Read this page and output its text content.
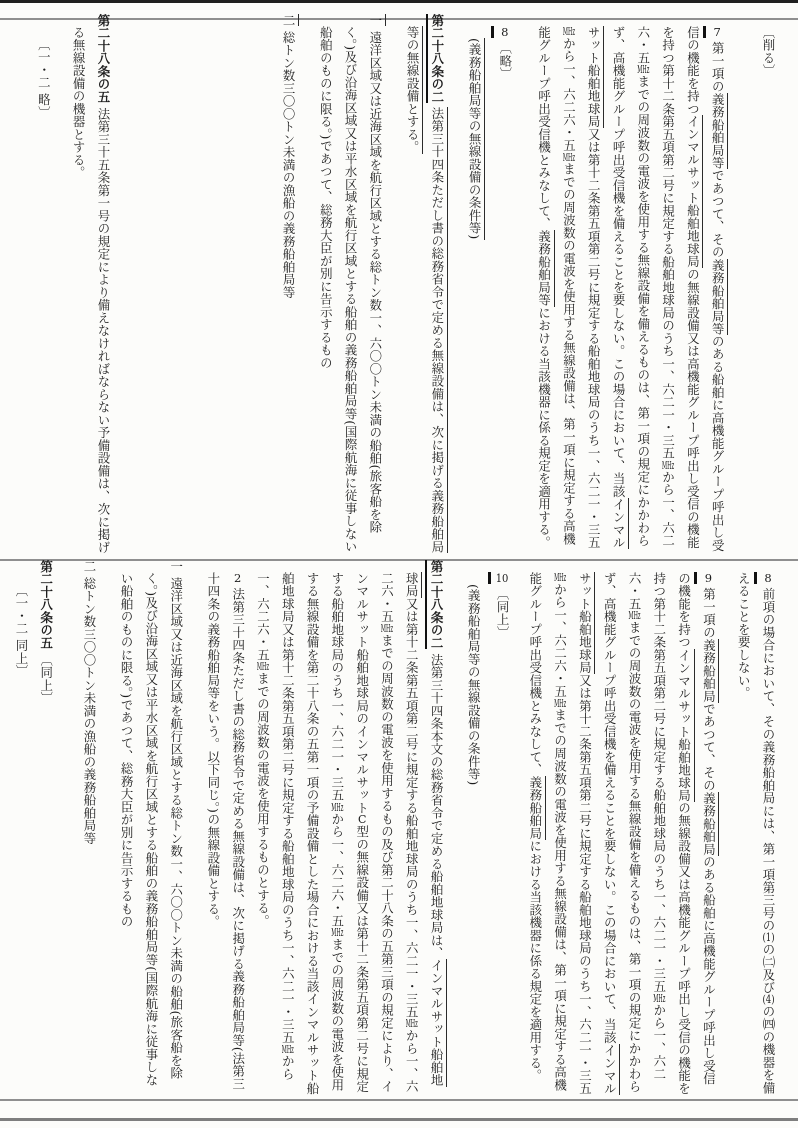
〔削る〕
7 第一項の義務船舶局等であつて、その義務船舶局等のある船舶に高機能グループ呼出し受信の機能を持つインマルサット船舶地球局の無線設備又は高機能グループ呼出し受信の機能を持つ第十二条第五項第二号に規定する船舶地球局のうち一、六二一・三五MHzから一、六二六・五MHzまでの周波数の電波を使用する無線設備を備えるものは、第一項の規定にかかわらず、高機能グループ呼出受信機を備えることを要しない。この場合において、当該インマルサット船舶地球局又は第十二条第五項第二号に規定する船舶地球局のうち一、六二一・三五MHzから一、六二六・五MHzまでの周波数の電波を使用する無線設備は、第一項に規定する高機能グループ呼出受信機とみなして、義務船舶局等における当該機器に係る規定を適用する。
8 〔略〕
(義務船舶局等の無線設備の条件等)
第二十八条の二 法第三十四条ただし書の総務省令で定める無線設備は、次に掲げる義務船舶局等の無線設備とする。
一 遠洋区域又は近海区域を航行区域とする総トン数一、六〇〇トン未満の船舶(旅客船を除く。)及び沿海区域又は平水区域を航行区域とする船舶の義務船舶局等(国際航海に従事しない船舶のものに限る。)であつて、総務大臣が別に告示するもの
二 総トン数三〇〇トン未満の漁船の義務船舶局等
第二十八条の五 法第三十五条第一号の規定により備えなければならない予備設備は、次に掲げる無線設備の機器とする。
〔一・二 略〕
8 前項の場合において、その義務船舶局には、第一項第三号の(1)の㈡及び(4)の㈣の機器を備えることを要しない。
9 第一項の義務船舶局であつて、その義務船舶局のある船舶に高機能グループ呼出し受信の機能を持つインマルサット船舶地球局の無線設備又は高機能グループ呼出し受信の機能を持つ第十二条第五項第二号に規定する船舶地球局のうち一、六二一・三五MHzから一、六二六・五MHzまでの周波数の電波を使用する無線設備を備えるものは、第一項の規定にかかわらず、高機能グループ呼出受信機を備えることを要しない。この場合において、当該インマルサット船舶地球局又は第十二条第五項第二号に規定する船舶地球局のうち一、六二一・三五MHzから一、六二六・五MHzまでの周波数の電波を使用する無線設備は、第一項に規定する高機能グループ呼出受信機とみなして、義務船舶局における当該機器に係る規定を適用する。
10 〔同上〕
(義務船舶局等の無線設備の条件等)
第二十八条の二 法第三十四条本文の総務省令で定める船舶地球局は、インマルサット船舶地球局又は第十二条第五項第二号に規定する船舶地球局のうち一、六二一・三五MHzから一、六二六・五MHzまでの周波数の電波を使用するもの及び第二十八条の五第三項の規定により、インマルサット船舶地球局のインマルサットC型の無線設備又は第十二条第五項第二号に規定する船舶地球局のうち一、六二一・三五MHzから一、六二六・五MHzまでの周波数の電波を使用する無線設備を第二十八条の五第一項の予備設備とした場合における当該インマルサット船舶地球局又は第十二条第五項第二号に規定する船舶地球局のうち一、六二一・三五MHzから一、六二六・五MHzまでの周波数の電波を使用するものとする。
2 法第三十四条ただし書の総務省令で定める無線設備は、次に掲げる義務船舶局等(法第三十四条の義務船舶局等をいう。以下同じ。)の無線設備とする。
一 遠洋区域又は近海区域を航行区域とする総トン数一、六〇〇トン未満の船舶(旅客船を除く。)及び沿海区域又は平水区域を航行区域とする船舶の義務船舶局等(国際航海に従事しない船舶のものに限る。)であつて、総務大臣が別に告示するもの
二 総トン数三〇〇トン未満の漁船の義務船舶局等
第二十八条の五 〔同上〕
〔一・二 同上〕
